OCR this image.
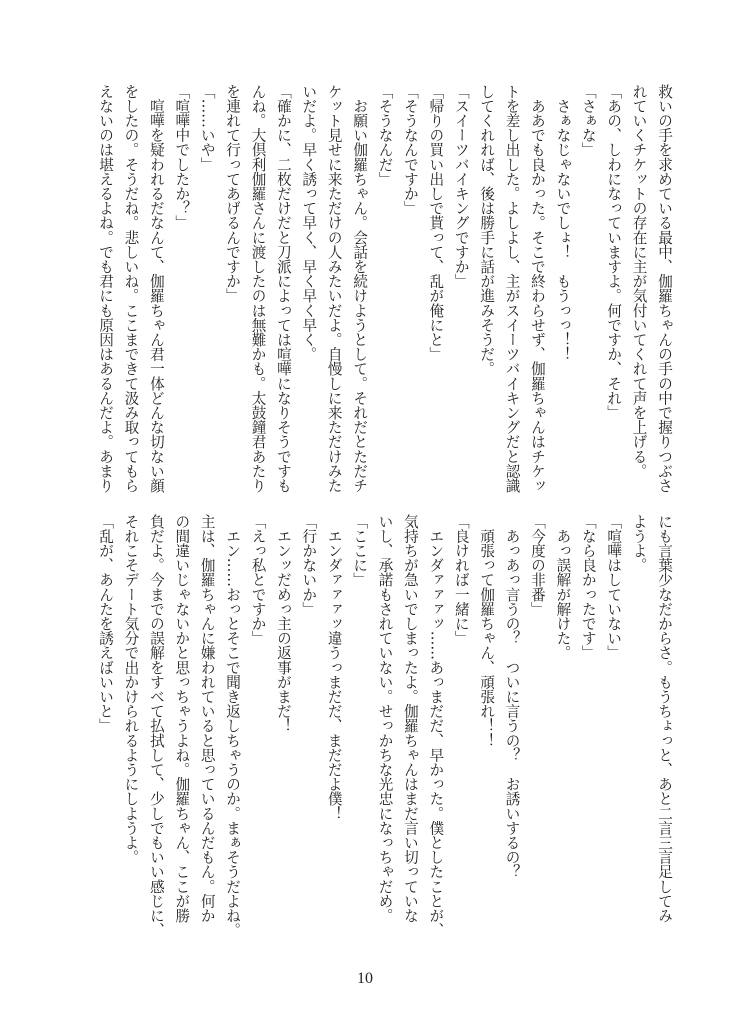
救いの手を求めている最中、伽羅ちゃんの手の中で握りつぶさ
れていくチケットの存在に主が気付いてくれて声を上げる。
「あの、しわになっていますよ。何ですか、それ」
「さぁな」
　さぁなじゃないでしょ！　もうっっ！！
　ああでも良かった。そこで終わらせず、伽羅ちゃんはチケッ
トを差し出した。よしよし、主がスイーツバイキングだと認識
してくれれば、後は勝手に話が進みそうだ。
「スイーツバイキングですか」
「帰りの買い出しで貰って、乱が俺にと」
「そうなんですか」
「そうなんだ」
　お願い伽羅ちゃん。会話を続けようとして。それだとただチ
ケット見せに来ただけの人みたいだよ。自慢しに来ただけみた
いだよ。早く誘って早く、早く早く早く。
「確かに、二枚だけだと刀派によっては喧嘩になりそうですも
んね。大倶利伽羅さんに渡したのは無難かも。太鼓鐘君あたり
を連れて行ってあげるんですか」
「……いや」
「喧嘩中でしたか？」
　喧嘩を疑われるだなんて、伽羅ちゃん君一体どんな切ない顔
をしたの。そうだね。悲しいね。ここまできて汲み取ってもら
えないのは堪えるよね。でも君にも原因はあるんだよ。あまり
にも言葉少なだからさ。もうちょっと、あと二言三言足してみ
ようよ。
「喧嘩はしていない」
「なら良かったです」
　あっ誤解が解けた。
「今度の非番」
　あっあっ言うの？　ついに言うの？　お誘いするの？
　頑張って伽羅ちゃん、頑張れ！！
「良ければ一緒に」
　エンダァァァッ……あっまだだ、早かった。僕としたことが、
気持ちが急いでしまったよ。伽羅ちゃんはまだ言い切っていな
いし、承諾もされていない。せっかちな光忠になっちゃだめ。
「ここに」
　エンダァァァッ違うっまだだ、まだだよ僕！
「行かないか」
　エンッだめっ主の返事がまだ！
「えっ私とですか」
　エン……おっとそこで聞き返しちゃうのか。まぁそうだよね。
主は、伽羅ちゃんに嫌われていると思っているんだもん。何か
の間違いじゃないかと思っちゃうよね。伽羅ちゃん、ここが勝
負だよ。今までの誤解をすべて払拭して、少しでもいい感じに、
それこそデート気分で出かけられるようにしようよ。
「乱が、あんたを誘えばいいと」
10
